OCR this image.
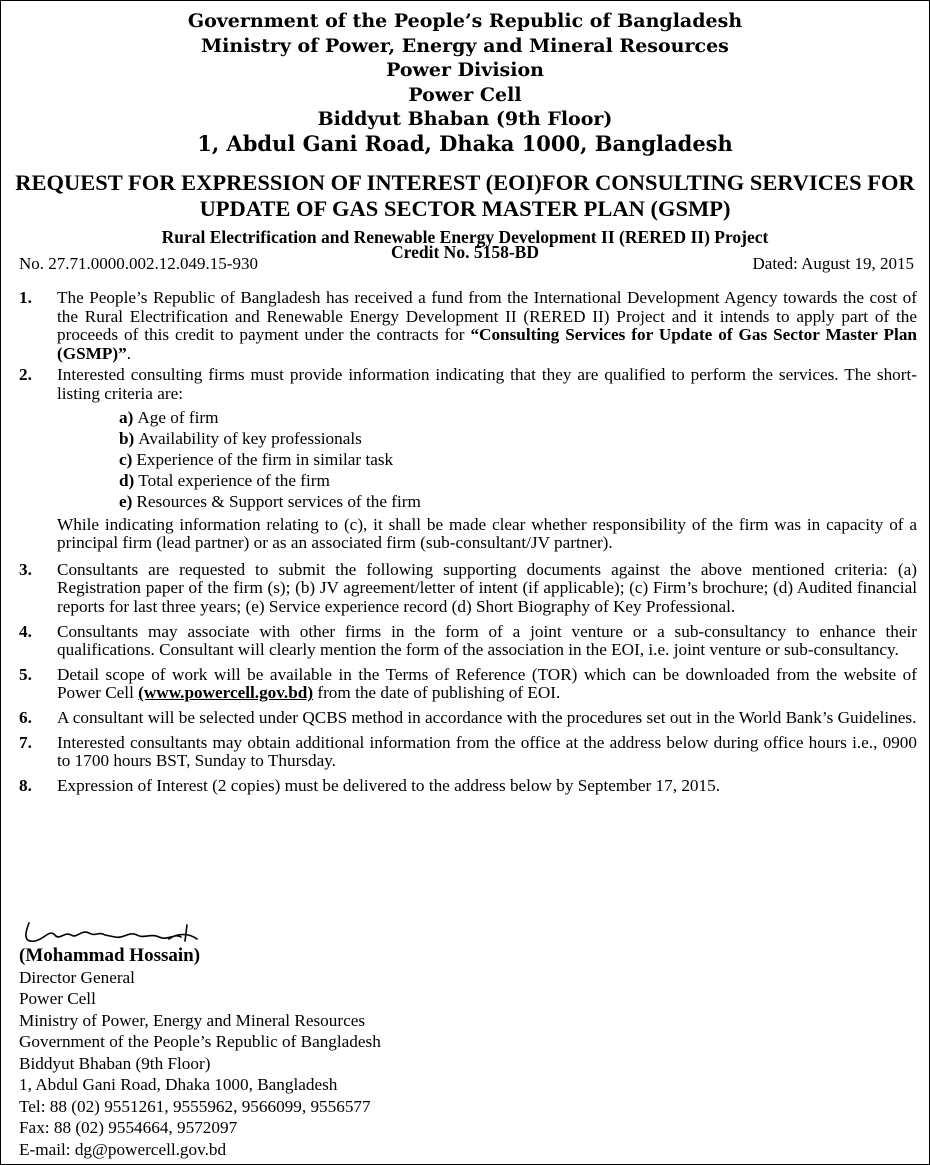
Government of the People’s Republic of Bangladesh
Ministry of Power, Energy and Mineral Resources
Power Division
Power Cell
Biddyut Bhaban (9th Floor)
1, Abdul Gani Road, Dhaka 1000, Bangladesh
REQUEST FOR EXPRESSION OF INTEREST (EOI)FOR CONSULTING SERVICES FOR
UPDATE OF GAS SECTOR MASTER PLAN (GSMP)
Rural Electrification and Renewable Energy Development II (RERED II) Project
No. 27.71.0000.002.12.049.15-930
Credit No. 5158-BD
Dated: August 19, 2015
1. The People’s Republic of Bangladesh has received a fund from the International Development Agency towards the cost of the Rural Electrification and Renewable Energy Development II (RERED II) Project and it intends to apply part of the proceeds of this credit to payment under the contracts for “Consulting Services for Update of Gas Sector Master Plan (GSMP)”.
2. Interested consulting firms must provide information indicating that they are qualified to perform the services. The short-listing criteria are:
a) Age of firm
b) Availability of key professionals
c) Experience of the firm in similar task
d) Total experience of the firm
e) Resources & Support services of the firm
While indicating information relating to (c), it shall be made clear whether responsibility of the firm was in capacity of a principal firm (lead partner) or as an associated firm (sub-consultant/JV partner).
3. Consultants are requested to submit the following supporting documents against the above mentioned criteria: (a) Registration paper of the firm (s); (b) JV agreement/letter of intent (if applicable); (c) Firm’s brochure; (d) Audited financial reports for last three years; (e) Service experience record (d) Short Biography of Key Professional.
4. Consultants may associate with other firms in the form of a joint venture or a sub-consultancy to enhance their qualifications. Consultant will clearly mention the form of the association in the EOI, i.e. joint venture or sub-consultancy.
5. Detail scope of work will be available in the Terms of Reference (TOR) which can be downloaded from the website of Power Cell (www.powercell.gov.bd) from the date of publishing of EOI.
6. A consultant will be selected under QCBS method in accordance with the procedures set out in the World Bank’s Guidelines.
7. Interested consultants may obtain additional information from the office at the address below during office hours i.e., 0900 to 1700 hours BST, Sunday to Thursday.
8. Expression of Interest (2 copies) must be delivered to the address below by September 17, 2015.
(Mohammad Hossain)
Director General
Power Cell
Ministry of Power, Energy and Mineral Resources
Government of the People’s Republic of Bangladesh
Biddyut Bhaban (9th Floor)
1, Abdul Gani Road, Dhaka 1000, Bangladesh
Tel: 88 (02) 9551261, 9555962, 9566099, 9556577
Fax: 88 (02) 9554664, 9572097
E-mail: dg@powercell.gov.bd
